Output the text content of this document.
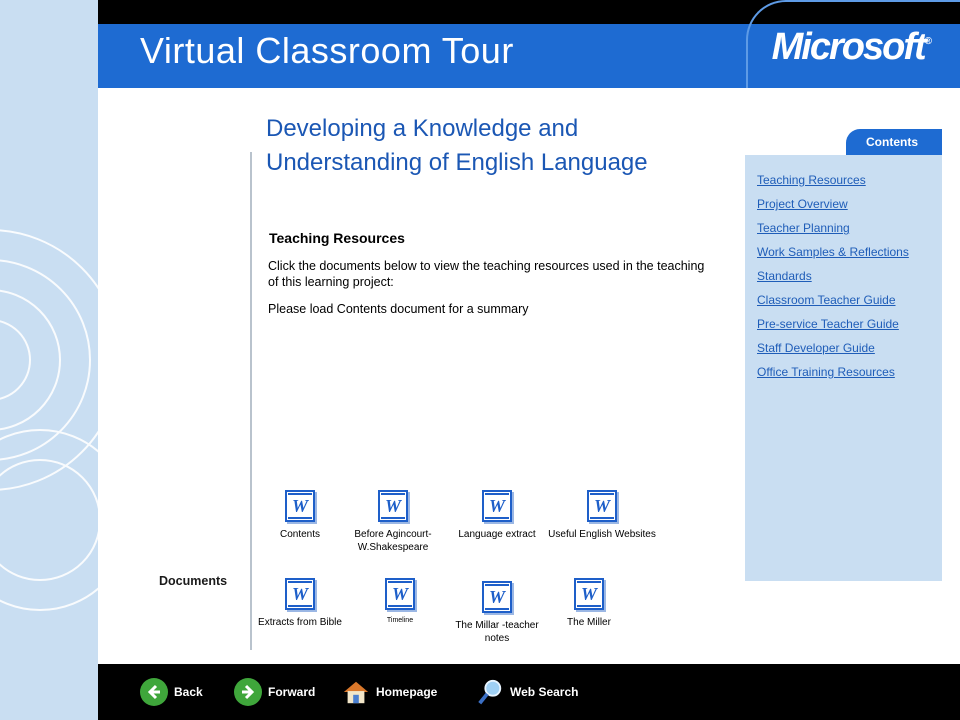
Virtual Classroom Tour	Microsoft®
Developing a Knowledge and Understanding of English Language
Teaching Resources
Click the documents below to view the teaching resources used in the teaching of this learning project:
Please load Contents document for a summary
Contents
Teaching Resources
Project Overview
Teacher Planning
Work Samples & Reflections
Standards
Classroom Teacher Guide
Pre-service Teacher Guide
Staff Developer Guide
Office Training Resources
Documents
W
Contents
W
Before Agincourt- W.Shakespeare
W
Language extract
W
Useful English Websites
W
Extracts from Bible
W
Timeline
W
The Millar -teacher notes
W
The Miller
Back	Forward	Homepage	Web Search
